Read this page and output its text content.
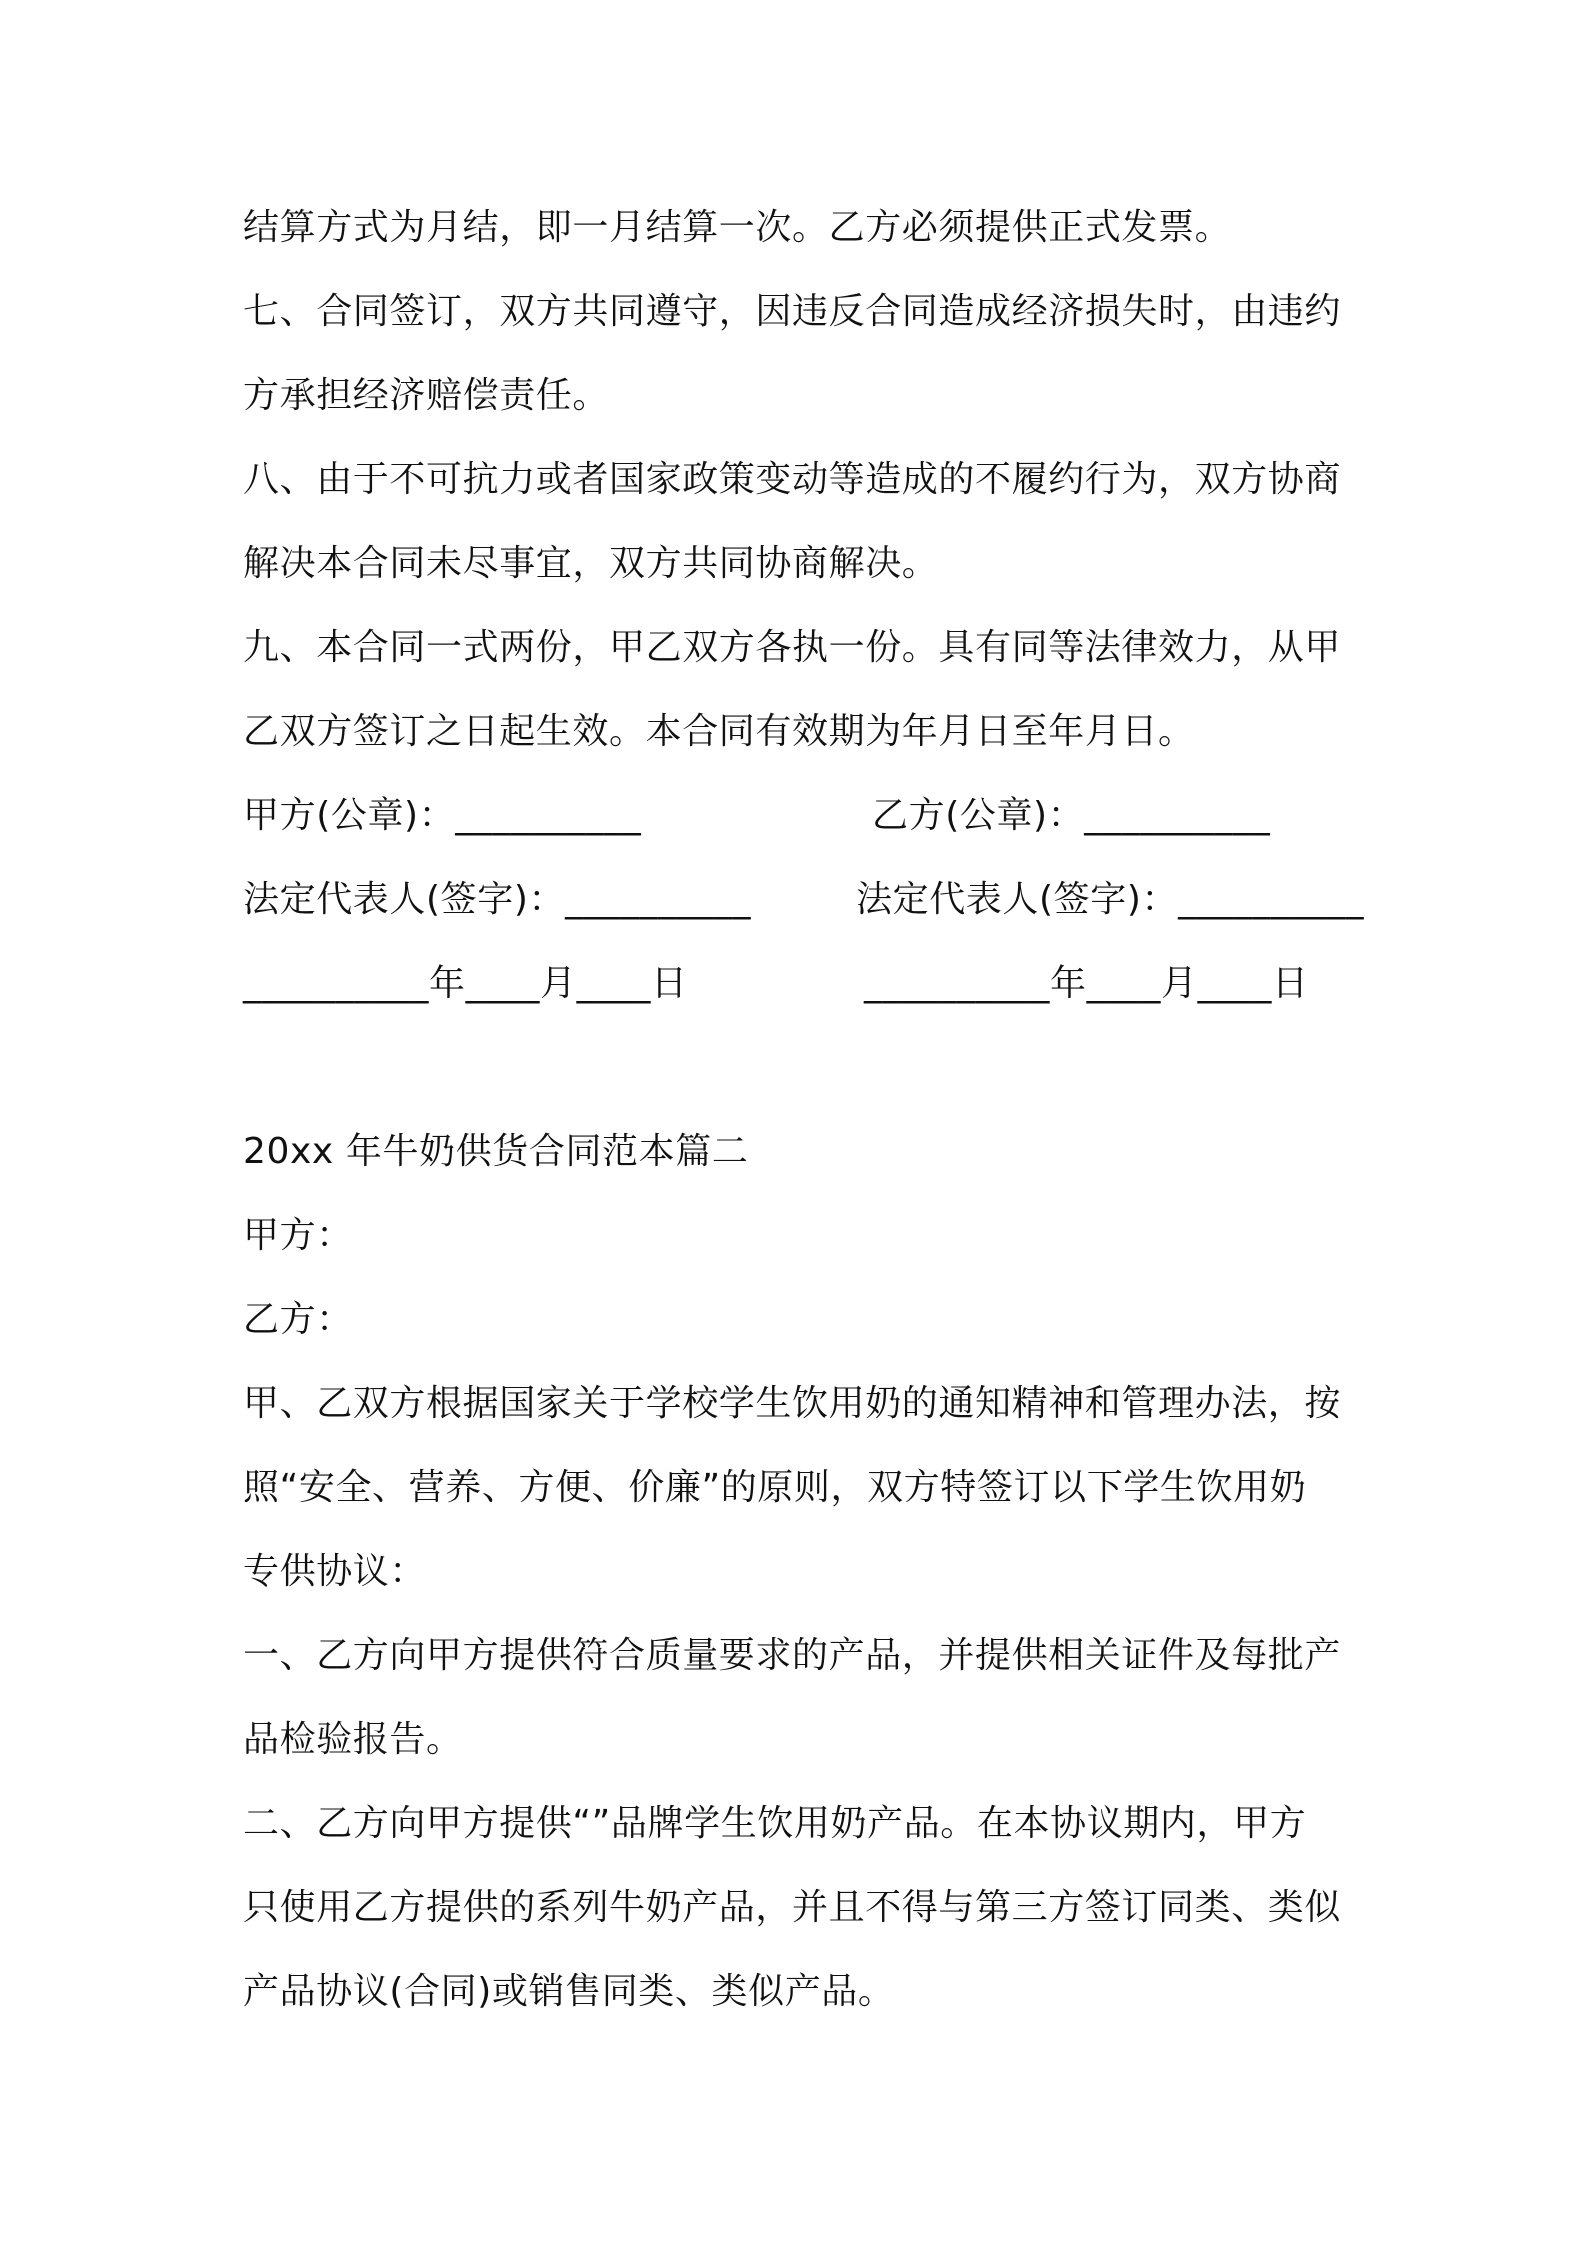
结算方式为月结，即一月结算一次。乙方必须提供正式发票。
七、合同签订，双方共同遵守，因违反合同造成经济损失时，由违约
方承担经济赔偿责任。
八、由于不可抗力或者国家政策变动等造成的不履约行为，双方协商
解决本合同未尽事宜，双方共同协商解决。
九、本合同一式两份，甲乙双方各执一份。具有同等法律效力，从甲
乙双方签订之日起生效。本合同有效期为年月日至年月日。
甲方(公章)：__________	乙方(公章)：__________
法定代表人(签字)：__________	法定代表人(签字)：__________
__________年____月____日	__________年____月____日
20xx 年牛奶供货合同范本篇二
甲方：
乙方：
甲、乙双方根据国家关于学校学生饮用奶的通知精神和管理办法，按
照“安全、营养、方便、价廉”的原则，双方特签订以下学生饮用奶
专供协议：
一、乙方向甲方提供符合质量要求的产品，并提供相关证件及每批产
品检验报告。
二、乙方向甲方提供“”品牌学生饮用奶产品。在本协议期内，甲方
只使用乙方提供的系列牛奶产品，并且不得与第三方签订同类、类似
产品协议(合同)或销售同类、类似产品。
